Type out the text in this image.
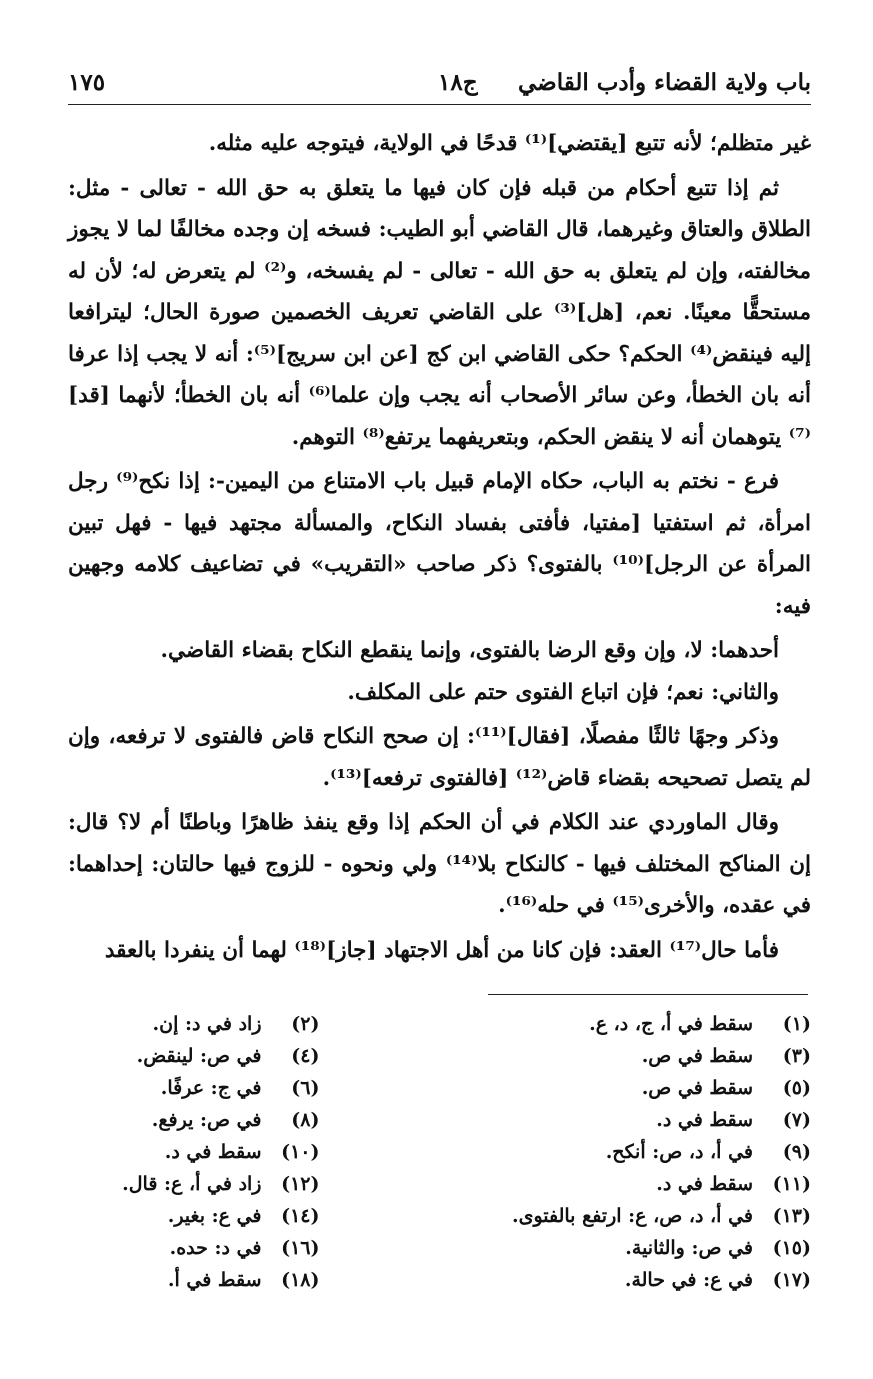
باب ولاية القضاء وأدب القاضي
ج١٨
١٧٥

غير متظلم؛ لأنه تتبع [يقتضي]⁽¹⁾ قدحًا في الولاية، فيتوجه عليه مثله.

ثم إذا تتبع أحكام من قبله فإن كان فيها ما يتعلق به حق الله - تعالى - مثل: الطلاق والعتاق وغيرهما، قال القاضي أبو الطيب: فسخه إن وجده مخالفًا لما لا يجوز مخالفته، وإن لم يتعلق به حق الله - تعالى - لم يفسخه، و⁽²⁾ لم يتعرض له؛ لأن له مستحقًّا معينًا. نعم، [هل]⁽³⁾ على القاضي تعريف الخصمين صورة الحال؛ ليترافعا إليه فينقض⁽⁴⁾ الحكم؟ حكى القاضي ابن كج [عن ابن سريج]⁽⁵⁾: أنه لا يجب إذا عرفا أنه بان الخطأ، وعن سائر الأصحاب أنه يجب وإن علما⁽⁶⁾ أنه بان الخطأ؛ لأنهما [قد]⁽⁷⁾ يتوهمان أنه لا ينقض الحكم، وبتعريفهما يرتفع⁽⁸⁾ التوهم.

فرع - نختم به الباب، حكاه الإمام قبيل باب الامتناع من اليمين-: إذا نكح⁽⁹⁾ رجل امرأة، ثم استفتيا [مفتيا، فأفتى بفساد النكاح، والمسألة مجتهد فيها - فهل تبين المرأة عن الرجل]⁽¹⁰⁾ بالفتوى؟ ذكر صاحب «التقريب» في تضاعيف كلامه وجهين فيه:

أحدهما: لا، وإن وقع الرضا بالفتوى، وإنما ينقطع النكاح بقضاء القاضي.

والثاني: نعم؛ فإن اتباع الفتوى حتم على المكلف.

وذكر وجهًا ثالثًا مفصلًا، [فقال]⁽¹¹⁾: إن صحح النكاح قاض فالفتوى لا ترفعه، وإن لم يتصل تصحيحه بقضاء قاض⁽¹²⁾ [فالفتوى ترفعه]⁽¹³⁾.

وقال الماوردي عند الكلام في أن الحكم إذا وقع ينفذ ظاهرًا وباطنًا أم لا؟ قال: إن المناكح المختلف فيها - كالنكاح بلا⁽¹⁴⁾ ولي ونحوه - للزوج فيها حالتان: إحداهما: في عقده، والأخرى⁽¹⁵⁾ في حله⁽¹⁶⁾.

فأما حال⁽¹⁷⁾ العقد: فإن كانا من أهل الاجتهاد [جاز]⁽¹⁸⁾ لهما أن ينفردا بالعقد

(١)
سقط في أ، ج، د، ع.
(٢)
زاد في د: إن.
(٣)
سقط في ص.
(٤)
في ص: لينقض.
(٥)
سقط في ص.
(٦)
في ج: عرفًا.
(٧)
سقط في د.
(٨)
في ص: يرفع.
(٩)
في أ، د، ص: أنكح.
(١٠)
سقط في د.
(١١)
سقط في د.
(١٢)
زاد في أ، ع: قال.
(١٣)
في أ، د، ص، ع: ارتفع بالفتوى.
(١٤)
في ع: بغير.
(١٥)
في ص: والثانية.
(١٦)
في د: حده.
(١٧)
في ع: في حالة.
(١٨)
سقط في أ.
